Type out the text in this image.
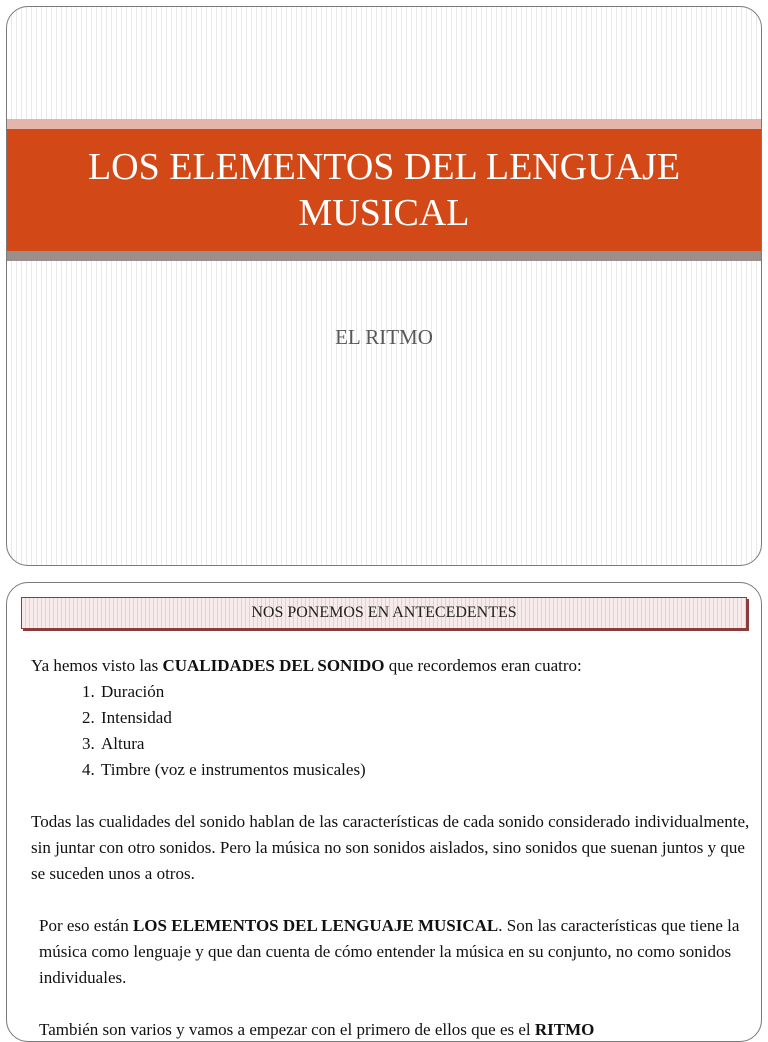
LOS ELEMENTOS DEL LENGUAJE MUSICAL
EL RITMO
NOS PONEMOS EN ANTECEDENTES

Ya hemos visto las CUALIDADES DEL SONIDO que recordemos eran cuatro:

1. Duración
2. Intensidad
3. Altura
4. Timbre (voz e instrumentos musicales)

Todas las cualidades del sonido hablan de las características de cada sonido considerado individualmente, sin juntar con otro sonidos. Pero la música no son sonidos aislados, sino sonidos que suenan juntos y que se suceden unos a otros.

Por eso están LOS ELEMENTOS DEL LENGUAJE MUSICAL. Son las características que tiene la música como lenguaje y que dan cuenta de cómo entender la música en su conjunto, no como sonidos individuales.

También son varios y vamos a empezar con el primero de ellos que es el RITMO
